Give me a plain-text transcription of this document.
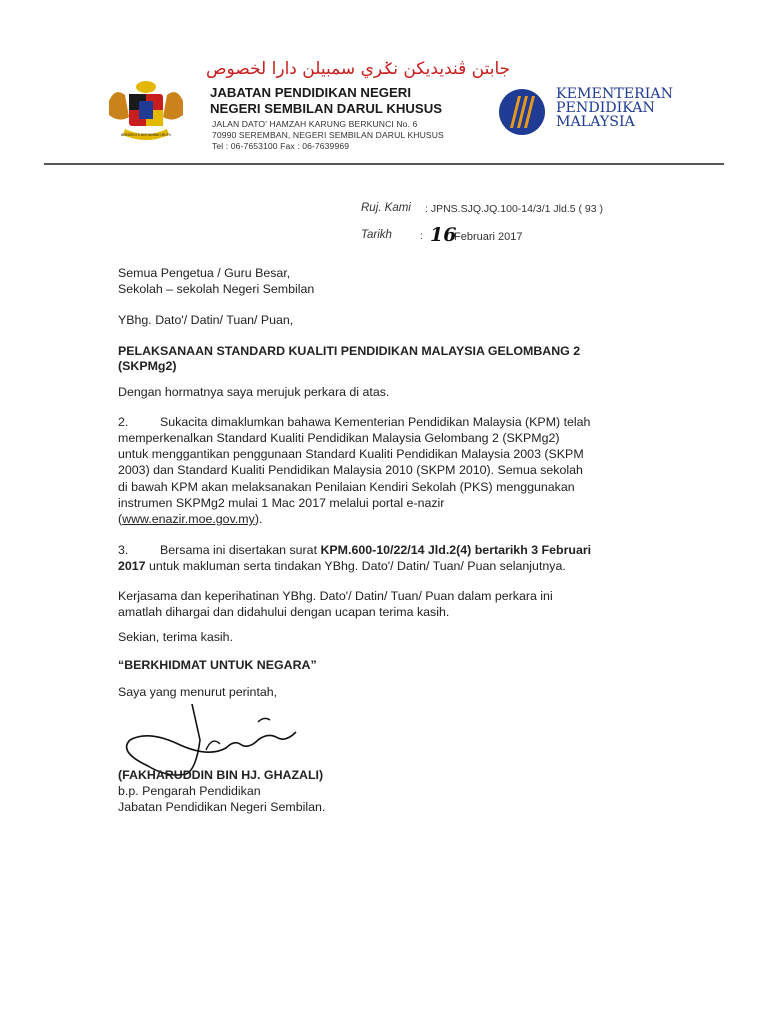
جابتن ڤنديديكن نݢري سمبيلن دارا لخصوص
BERSEKUTU BERTAMBAH MUTU
JABATAN PENDIDIKAN NEGERI
NEGERI SEMBILAN DARUL KHUSUS
JALAN DATO' HAMZAH KARUNG BERKUNCI No. 6
70990 SEREMBAN, NEGERI SEMBILAN DARUL KHUSUS
Tel : 06-7653100 Fax : 06-7639969
KEMENTERIAN
PENDIDIKAN
MALAYSIA
Ruj. Kami : JPNS.SJQ.JQ.100-14/3/1 Jld.5 ( 93 )
Tarikh	: 16
Februari 2017
Semua Pengetua / Guru Besar,
Sekolah – sekolah Negeri Sembilan
YBhg. Dato'/ Datin/ Tuan/ Puan,
PELAKSANAAN STANDARD KUALITI PENDIDIKAN MALAYSIA GELOMBANG 2
(SKPMg2)
Dengan hormatnya saya merujuk perkara di atas.
2.	Sukacita dimaklumkan bahawa Kementerian Pendidikan Malaysia (KPM) telah
memperkenalkan Standard Kualiti Pendidikan Malaysia Gelombang 2 (SKPMg2)
untuk menggantikan penggunaan Standard Kualiti Pendidikan Malaysia 2003 (SKPM
2003) dan Standard Kualiti Pendidikan Malaysia 2010 (SKPM 2010). Semua sekolah
di bawah KPM akan melaksanakan Penilaian Kendiri Sekolah (PKS) menggunakan
instrumen SKPMg2 mulai 1 Mac 2017 melalui portal e-nazir
(www.enazir.moe.gov.my).
3.	Bersama ini disertakan surat KPM.600-10/22/14 Jld.2(4) bertarikh 3 Februari
2017 untuk makluman serta tindakan YBhg. Dato'/ Datin/ Tuan/ Puan selanjutnya.
Kerjasama dan keperihatinan YBhg. Dato'/ Datin/ Tuan/ Puan dalam perkara ini
amatlah dihargai dan didahului dengan ucapan terima kasih.
Sekian, terima kasih.
“BERKHIDMAT UNTUK NEGARA”
Saya yang menurut perintah,
(FAKHARUDDIN BIN HJ. GHAZALI)
b.p. Pengarah Pendidikan
Jabatan Pendidikan Negeri Sembilan.
